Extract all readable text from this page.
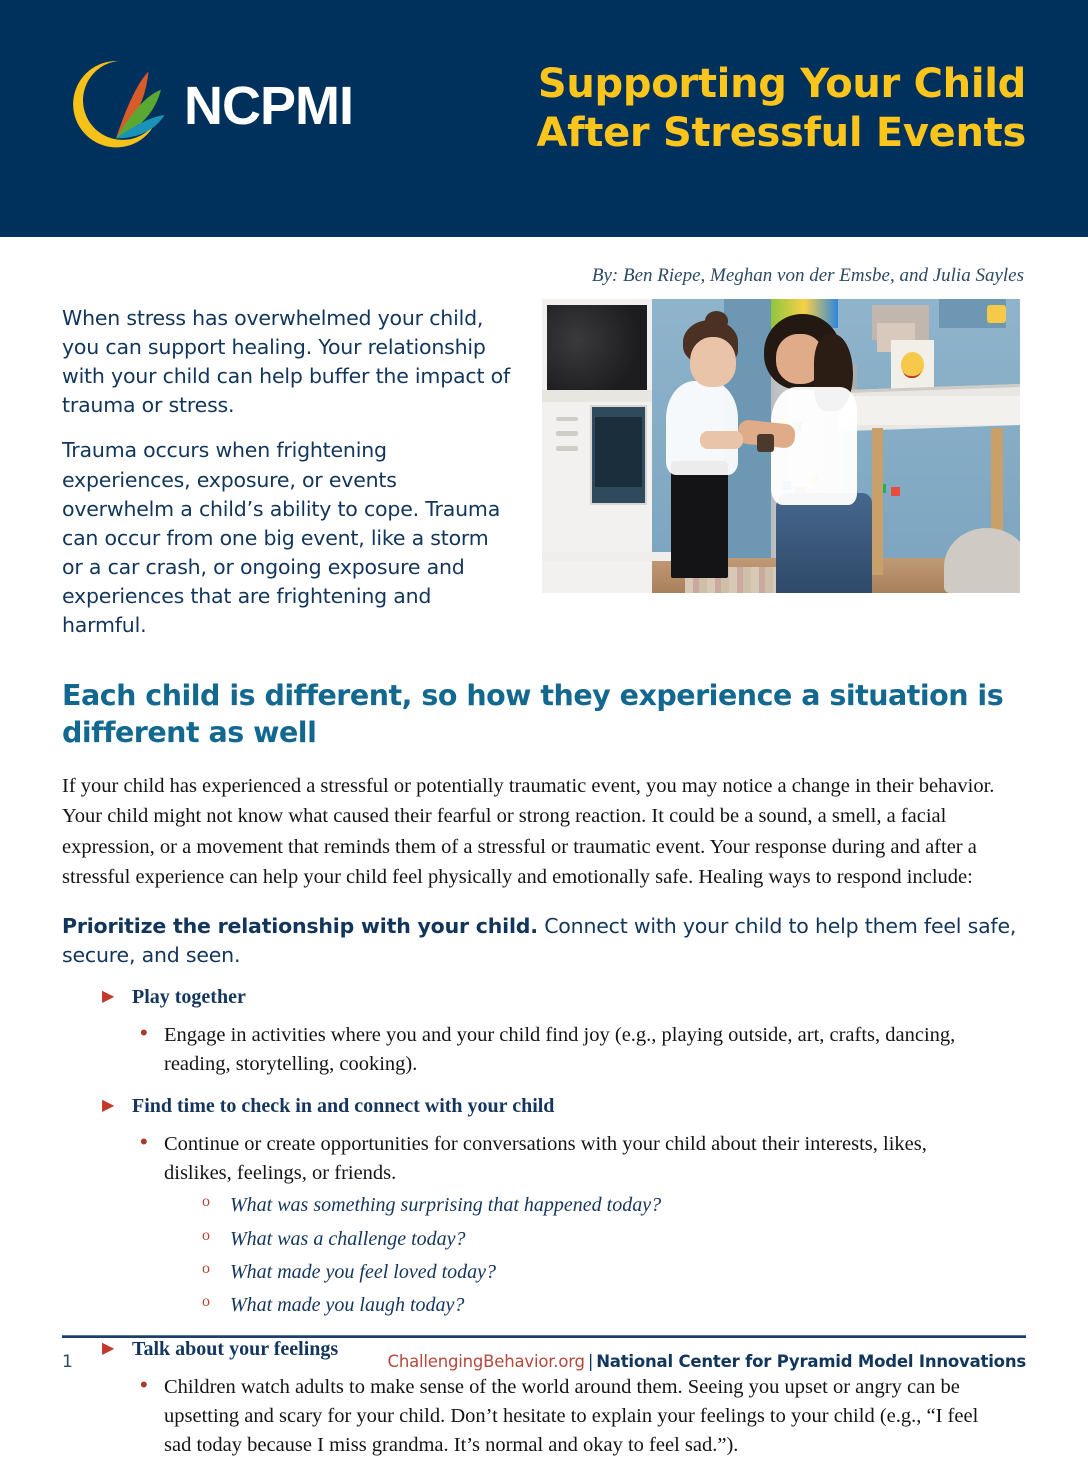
NCPMI	Supporting Your Child
After Stressful Events
By: Ben Riepe, Meghan von der Emsbe, and Julia Sayles

When stress has overwhelmed your child, you can support healing. Your relationship with your child can help buffer the impact of trauma or stress.

Trauma occurs when frightening experiences, exposure, or events overwhelm a child’s ability to cope. Trauma can occur from one big event, like a storm or a car crash, or ongoing exposure and experiences that are frightening and harmful.

Each child is different, so how they experience a situation is different as well
If your child has experienced a stressful or potentially traumatic event, you may notice a change in their behavior. Your child might not know what caused their fearful or strong reaction. It could be a sound, a smell, a facial expression, or a movement that reminds them of a stressful or traumatic event. Your response during and after a stressful experience can help your child feel physically and emotionally safe. Healing ways to respond include:
Prioritize the relationship with your child. Connect with your child to help them feel safe, secure, and seen.
▶ Play together
• Engage in activities where you and your child find joy (e.g., playing outside, art, crafts, dancing, reading, storytelling, cooking).
▶ Find time to check in and connect with your child
• Continue or create opportunities for conversations with your child about their interests, likes, dislikes, feelings, or friends.
o	What was something surprising that happened today?
o	What was a challenge today?
o	What made you feel loved today?
o	What made you laugh today?
▶ Talk about your feelings
• Children watch adults to make sense of the world around them. Seeing you upset or angry can be upsetting and scary for your child. Don’t hesitate to explain your feelings to your child (e.g., “I feel sad today because I miss grandma. It’s normal and okay to feel sad.”).
1	ChallengingBehavior.org | National Center for Pyramid Model Innovations
